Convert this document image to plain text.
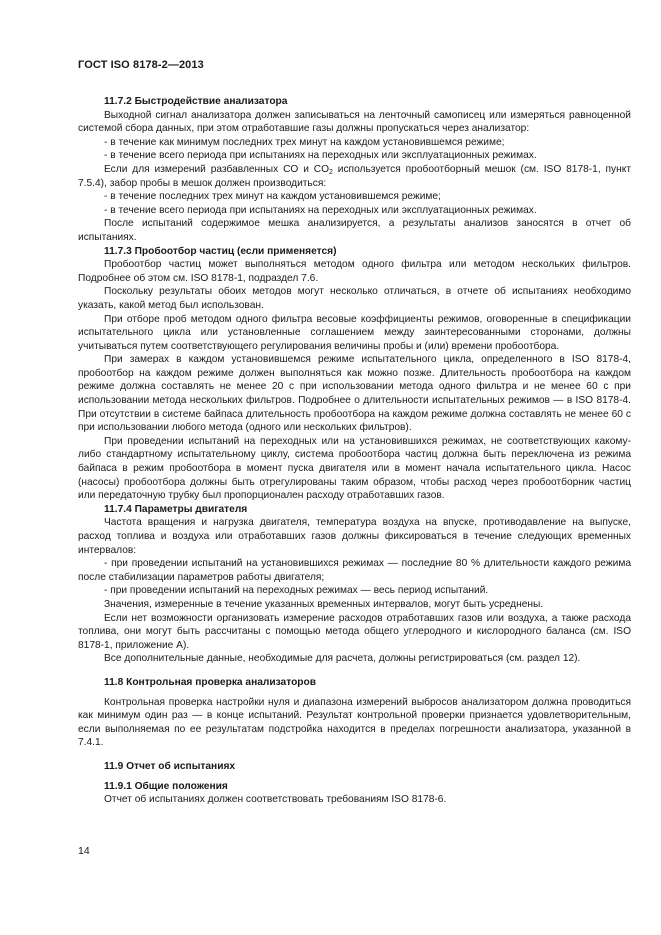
ГОСТ ISO 8178-2—2013

11.7.2 Быстродействие анализатора

Выходной сигнал анализатора должен записываться на ленточный самописец или измеряться равноценной системой сбора данных, при этом отработавшие газы должны пропускаться через анализатор:

- в течение как минимум последних трех минут на каждом установившемся режиме;

- в течение всего периода при испытаниях на переходных или эксплуатационных режимах.

Если для измерений разбавленных CO и $CO_2$ используется пробоотборный мешок (см. ISO 8178-1, пункт 7.5.4), забор пробы в мешок должен производиться:

- в течение последних трех минут на каждом установившемся режиме;

- в течение всего периода при испытаниях на переходных или эксплуатационных режимах.

После испытаний содержимое мешка анализируется, а результаты анализов заносятся в отчет об испытаниях.

11.7.3 Пробоотбор частиц (если применяется)

Пробоотбор частиц может выполняться методом одного фильтра или методом нескольких фильтров. Подробнее об этом см. ISO 8178-1, подраздел 7.6.

Поскольку результаты обоих методов могут несколько отличаться, в отчете об испытаниях необходимо указать, какой метод был использован.

При отборе проб методом одного фильтра весовые коэффициенты режимов, оговоренные в спецификации испытательного цикла или установленные соглашением между заинтересованными сторонами, должны учитываться путем соответствующего регулирования величины пробы и (или) времени пробоотбора.

При замерах в каждом установившемся режиме испытательного цикла, определенного в ISO 8178-4, пробоотбор на каждом режиме должен выполняться как можно позже. Длительность пробоотбора на каждом режиме должна составлять не менее 20 с при использовании метода одного фильтра и не менее 60 с при использовании метода нескольких фильтров. Подробнее о длительности испытательных режимов — в ISO 8178-4. При отсутствии в системе байпаса длительность пробоотбора на каждом режиме должна составлять не менее 60 с при использовании любого метода (одного или нескольких фильтров).

При проведении испытаний на переходных или на установившихся режимах, не соответствующих какому-либо стандартному испытательному циклу, система пробоотбора частиц должна быть переключена из режима байпаса в режим пробоотбора в момент пуска двигателя или в момент начала испытательного цикла. Насос (насосы) пробоотбора должны быть отрегулированы таким образом, чтобы расход через пробоотборник частиц или передаточную трубку был пропорционален расходу отработавших газов.

11.7.4 Параметры двигателя

Частота вращения и нагрузка двигателя, температура воздуха на впуске, противодавление на выпуске, расход топлива и воздуха или отработавших газов должны фиксироваться в течение следующих временных интервалов:

- при проведении испытаний на установившихся режимах — последние 80 % длительности каждого режима после стабилизации параметров работы двигателя;

- при проведении испытаний на переходных режимах — весь период испытаний.

Значения, измеренные в течение указанных временных интервалов, могут быть усреднены.

Если нет возможности организовать измерение расходов отработавших газов или воздуха, а также расхода топлива, они могут быть рассчитаны с помощью метода общего углеродного и кислородного баланса (см. ISO 8178-1, приложение А).

Все дополнительные данные, необходимые для расчета, должны регистрироваться (см. раздел 12).

11.8 Контрольная проверка анализаторов

Контрольная проверка настройки нуля и диапазона измерений выбросов анализатором должна проводиться как минимум один раз — в конце испытаний. Результат контрольной проверки признается удовлетворительным, если выполняемая по ее результатам подстройка находится в пределах погрешности анализатора, указанной в 7.4.1.

11.9 Отчет об испытаниях

11.9.1 Общие положения

Отчет об испытаниях должен соответствовать требованиям ISO 8178-6.

14
